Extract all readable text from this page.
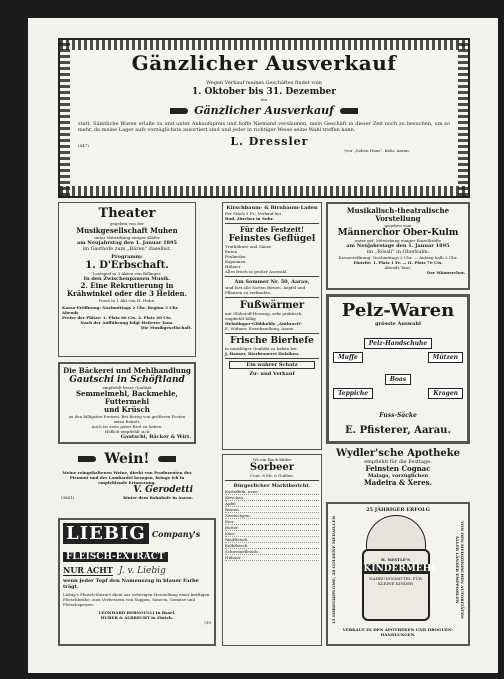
Gänzlicher Ausverkauf
Wegen Verkauf meines Geschäftes findet vom
1. Oktober bis 31. Dezember
ein
Gänzlicher Ausverkauf
statt. Sämtliche Waren erlaße zu und unter Ankaufspreis und hoffe Niemand versäumen, mein Geschäft in dieser Zeit noch zu besuchen, um so mehr, da meine Lager aufs vorzüglichste assortiert sind und jeder in richtiger Weise seine Wahl treffen kann.
(847)	L. Dressler
(vor „Sohen Hans", Kehr, Aarau.
Theater
gegeben von der
Musikgesellschaft Muhen
unter Mitwirkung einiger Kläfer
am Neujahrstag den 1. Januar 1895
im Gasthofe zum „Bären" daselbst.
Programm:
1. D'Erbschaft.
Lustspiel in 3 Akten von Billinger.
In den Zwischenpausen Musik.
2. Eine Rekrutierung in Krähwinkel oder die 3 Helden.
Posse in 1 Akt von H. Huhn.
Kassa-Eröffnung: Nachmittags 2 Uhr. Beginn 3 Uhr. Abends
Preise der Plätze: 1. Platz 60 Cts. 2. Platz 40 Cts.
Nach der Aufführung folgt Heiterer Tanz.
Die Musikgesellschaft.
Die Bäckerei und Mehlhandlung
Gautschi in Schöftland
empfiehlt beste Qualität
Semmelmehl, Backmehle, Futtermehl
und Krüsch
zu den billigsten Preisen. Bei Bezug von größeren Posten extra Rabatt.
Auch ist stets gutes Brot zu haben.
Höflich empfiehlt sich
Gautschi, Bäcker & Wirt.
Wein!
Meine reingehaltenen Weine, direkt von Produzenten des Piemont und der Lombardei bezogen, bringe ich in empfehlende Erinnerung.
V. Gerodetti
(3861)	hinter dem Bahnhofe in Aarau.
LIEBIG Company's
FLEISCH-EXTRACT
NUR ACHT J. v. Liebig
wenn jeder Topf den Namenszug in blauer Farbe trägt.
Liebig's Fleisch-Extract dient zur sofortigen Herstellung einer kräftigen Fleischbrühe, zum Verbessern von Suppen, Saucen, Gemüse und Fleischspeisen.
LEONHARD BERNOULLI in Basel.
HUBER & ALBRECHT in Zürich.
(30
Kirschbaum- & Birnbaum-Laden
Per Stück 3 Fr., Verkauf bei
Rud. Zürcher in Suhr.
Für die Festzeit!
Feinstes Geflügel
Truthühner und Gänse
Enten
Poularden
Kapaunen
Hühner
Alles frisch in großer Auswahl.
Am Sommer Nr. 50, Aarau,
sind fast alle Sorten Birnen, Aepfel und Pflanzen zu verkaufen.
Fußwärmer
mit Glühstoff-Heizung, sehr praktisch, empfiehlt billig
Helmlinger-Glühkohle „Anthracit"
E. Widmer, Eisenhandlung, Aarau.
Frische Bierhefe
in unzähliger Qualität zu haben bei
J. Hauser, Bierbrauerei Holziken.
Ein wahrer Schatz
Zu- und Verkauf
Wo ein Buch bilder
Sorbeer
Cont. 8 Mt. 6 Gulden.
Bürgerlicher Marktbericht.
Kartoffeln, neue
Kirschen
Äpfel
Birnen
Zwetschgen
Eier
Butter
Käse
Rindfleisch
Kalbfleisch
Schweinefleisch
Hühner
Musikalisch-theatralische Vorstellung
gegeben vom
Männerchor Ober-Kulm
unter gef. Mitwirkung einiger Einzelkräfte
am Neujahrstage den 1. Januar 1895
im „Rössli" in Oberkulm.
Kassaeröffnung: Nachmittags 2 Uhr. — Anfang halb 3 Uhr.
Eintritt: 1. Platz 1 Fr. — II. Platz 70 Cts.
Abends Tanz.
Der Männerchor.
Pelz-Waren
grösste Auswahl
Pelz-Handschuhe
Muffe	Mützen
Boas
Teppiche	Kragen
Fuss-Säcke
E. Pfisterer, Aarau.
Wydler'sche Apotheke
empfiehlt für die Festtage:
Feinsten Cognac
Malaga, vorzüglichen
Madeira & Xeres.
25 JÄHRIGER ERFOLG
15 EHRENDIPLOME, 28 GOLDENE MEDAILLEN	H. NESTLÉ'S
KINDERMEHL
NAHRUNGSMITTEL FÜR KLEINE KINDER	VON DEN MEDIZINISCHEN AUTORITÄTEN ALLER LÄNDER EMPFOHLEN
VERKAUF IN DEN APOTHEKEN UND DROGUEN-HANDLUNGEN.
